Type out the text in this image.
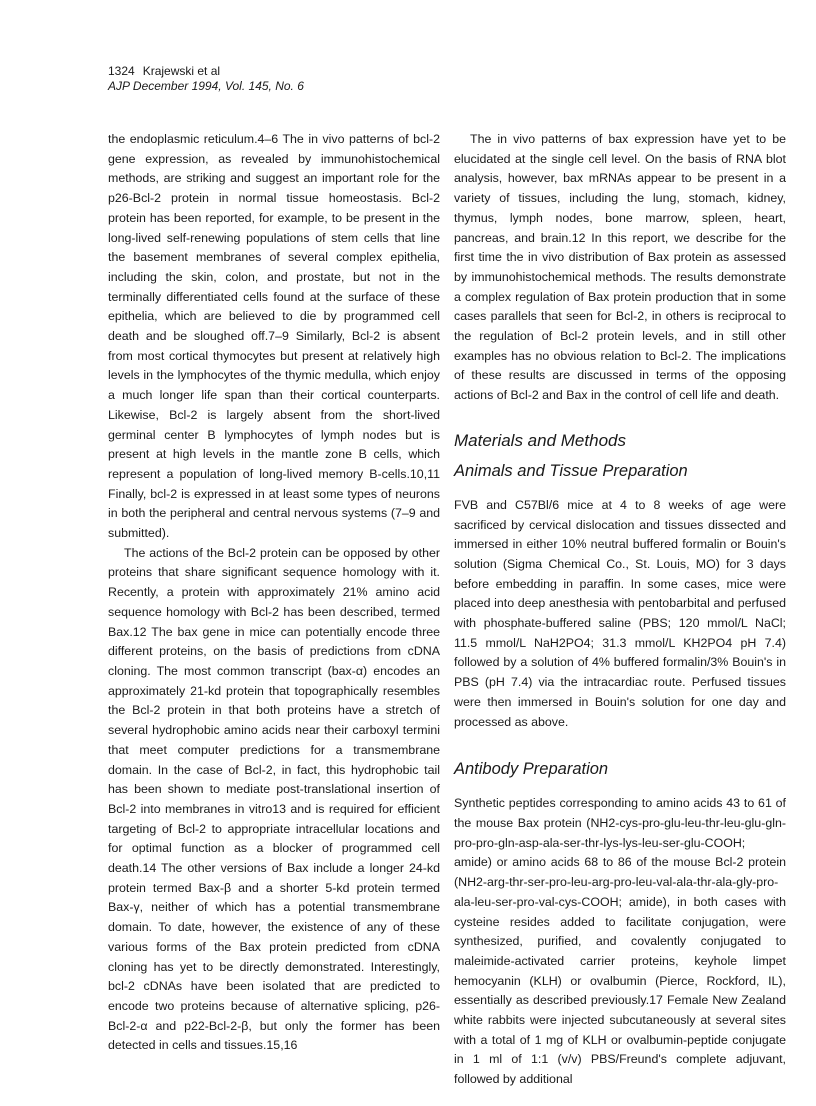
1324 Krajewski et al
AJP December 1994, Vol. 145, No. 6

the endoplasmic reticulum.4–6 The in vivo patterns of bcl-2 gene expression, as revealed by immunohistochemical methods, are striking and suggest an important role for the p26-Bcl-2 protein in normal tissue homeostasis. Bcl-2 protein has been reported, for example, to be present in the long-lived self-renewing populations of stem cells that line the basement membranes of several complex epithelia, including the skin, colon, and prostate, but not in the terminally differentiated cells found at the surface of these epithelia, which are believed to die by programmed cell death and be sloughed off.7–9 Similarly, Bcl-2 is absent from most cortical thymocytes but present at relatively high levels in the lymphocytes of the thymic medulla, which enjoy a much longer life span than their cortical counterparts. Likewise, Bcl-2 is largely absent from the short-lived germinal center B lymphocytes of lymph nodes but is present at high levels in the mantle zone B cells, which represent a population of long-lived memory B-cells.10,11 Finally, bcl-2 is expressed in at least some types of neurons in both the peripheral and central nervous systems (7–9 and submitted).

The actions of the Bcl-2 protein can be opposed by other proteins that share significant sequence homology with it. Recently, a protein with approximately 21% amino acid sequence homology with Bcl-2 has been described, termed Bax.12 The bax gene in mice can potentially encode three different proteins, on the basis of predictions from cDNA cloning. The most common transcript (bax-α) encodes an approximately 21-kd protein that topographically resembles the Bcl-2 protein in that both proteins have a stretch of several hydrophobic amino acids near their carboxyl termini that meet computer predictions for a transmembrane domain. In the case of Bcl-2, in fact, this hydrophobic tail has been shown to mediate post-translational insertion of Bcl-2 into membranes in vitro13 and is required for efficient targeting of Bcl-2 to appropriate intracellular locations and for optimal function as a blocker of programmed cell death.14 The other versions of Bax include a longer 24-kd protein termed Bax-β and a shorter 5-kd protein termed Bax-γ, neither of which has a potential transmembrane domain. To date, however, the existence of any of these various forms of the Bax protein predicted from cDNA cloning has yet to be directly demonstrated. Interestingly, bcl-2 cDNAs have been isolated that are predicted to encode two proteins because of alternative splicing, p26-Bcl-2-α and p22-Bcl-2-β, but only the former has been detected in cells and tissues.15,16

The in vivo patterns of bax expression have yet to be elucidated at the single cell level. On the basis of RNA blot analysis, however, bax mRNAs appear to be present in a variety of tissues, including the lung, stomach, kidney, thymus, lymph nodes, bone marrow, spleen, heart, pancreas, and brain.12 In this report, we describe for the first time the in vivo distribution of Bax protein as assessed by immunohistochemical methods. The results demonstrate a complex regulation of Bax protein production that in some cases parallels that seen for Bcl-2, in others is reciprocal to the regulation of Bcl-2 protein levels, and in still other examples has no obvious relation to Bcl-2. The implications of these results are discussed in terms of the opposing actions of Bcl-2 and Bax in the control of cell life and death.

Materials and Methods
Animals and Tissue Preparation

FVB and C57Bl/6 mice at 4 to 8 weeks of age were sacrificed by cervical dislocation and tissues dissected and immersed in either 10% neutral buffered formalin or Bouin's solution (Sigma Chemical Co., St. Louis, MO) for 3 days before embedding in paraffin. In some cases, mice were placed into deep anesthesia with pentobarbital and perfused with phosphate-buffered saline (PBS; 120 mmol/L NaCl; 11.5 mmol/L NaH2PO4; 31.3 mmol/L KH2PO4 pH 7.4) followed by a solution of 4% buffered formalin/3% Bouin's in PBS (pH 7.4) via the intracardiac route. Perfused tissues were then immersed in Bouin's solution for one day and processed as above.

Antibody Preparation

Synthetic peptides corresponding to amino acids 43 to 61 of the mouse Bax protein (NH2-cys-pro-glu-leu-thr-leu-glu-gln-pro-pro-gln-asp-ala-ser-thr-lys-lys-leu-ser-glu-COOH; amide) or amino acids 68 to 86 of the mouse Bcl-2 protein (NH2-arg-thr-ser-pro-leu-arg-pro-leu-val-ala-thr-ala-gly-pro-ala-leu-ser-pro-val-cys-COOH; amide), in both cases with cysteine resides added to facilitate conjugation, were synthesized, purified, and covalently conjugated to maleimide-activated carrier proteins, keyhole limpet hemocyanin (KLH) or ovalbumin (Pierce, Rockford, IL), essentially as described previously.17 Female New Zealand white rabbits were injected subcutaneously at several sites with a total of 1 mg of KLH or ovalbumin-peptide conjugate in 1 ml of 1:1 (v/v) PBS/Freund's complete adjuvant, followed by additional
